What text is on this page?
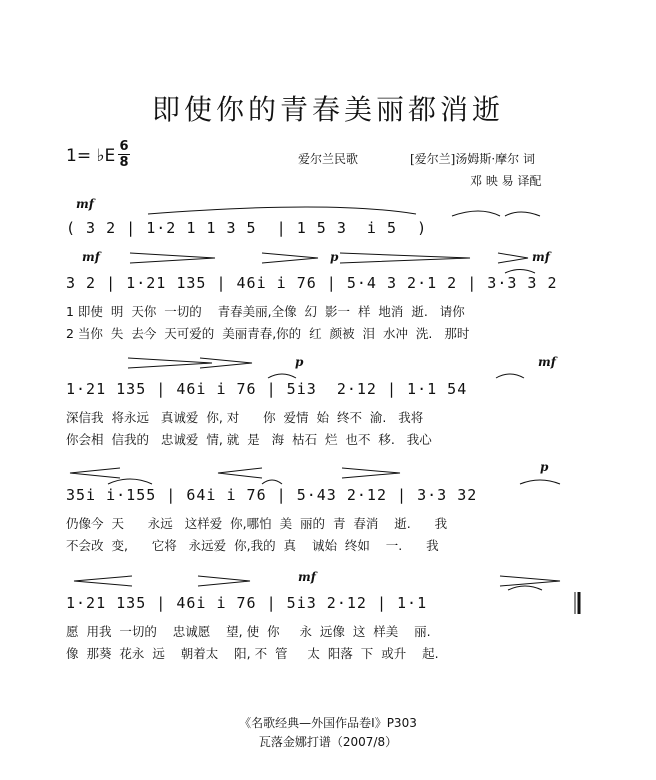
即使你的青春美丽都消逝
1= ♭E 6
8	爱尔兰民歌	[爱尔兰]汤姆斯·摩尔 词
邓 映 易 译配
mf
( 3 2 | 1·2 1 1 3 5  | 1 5 3  i 5  )
mf	p	mf
3 2 | 1·21 135 | 46i i 76 | 5·4 3 2·1 2 | 3·3 3 2
1 即使  明  天你  一切的    青春美丽,全像  幻  影一  样  地消  逝.   请你
2 当你  失  去今  天可爱的  美丽青春,你的  红  颜被  泪  水冲  洗.   那时
p	mf
1·21 135 | 46i i 76 | 5i3  2·12 | 1·1 54
深信我  将永远   真诚爱  你, 对      你  爱情  始  终不  渝.   我将
你会相  信我的   忠诚爱  情, 就  是   海  枯石  烂  也不  移.   我心
p
35i i·155 | 64i i 76 | 5·43 2·12 | 3·3 32
仍像今  天      永远   这样爱  你,哪怕  美  丽的  青  春消    逝.      我
不会改  变,      它将   永远爱  你,我的  真    诚始  终如    一.      我
mf
1·21 135 | 46i i 76 | 5i3 2·12 | 1·1
愿  用我  一切的    忠诚愿    望, 使  你     永  远像  这  样美    丽.
像  那葵  花永  远    朝着太    阳, 不  管     太  阳落  下  或升    起.
《名歌经典—外国作品卷Ⅰ》P303
瓦落金娜打谱（2007/8）
